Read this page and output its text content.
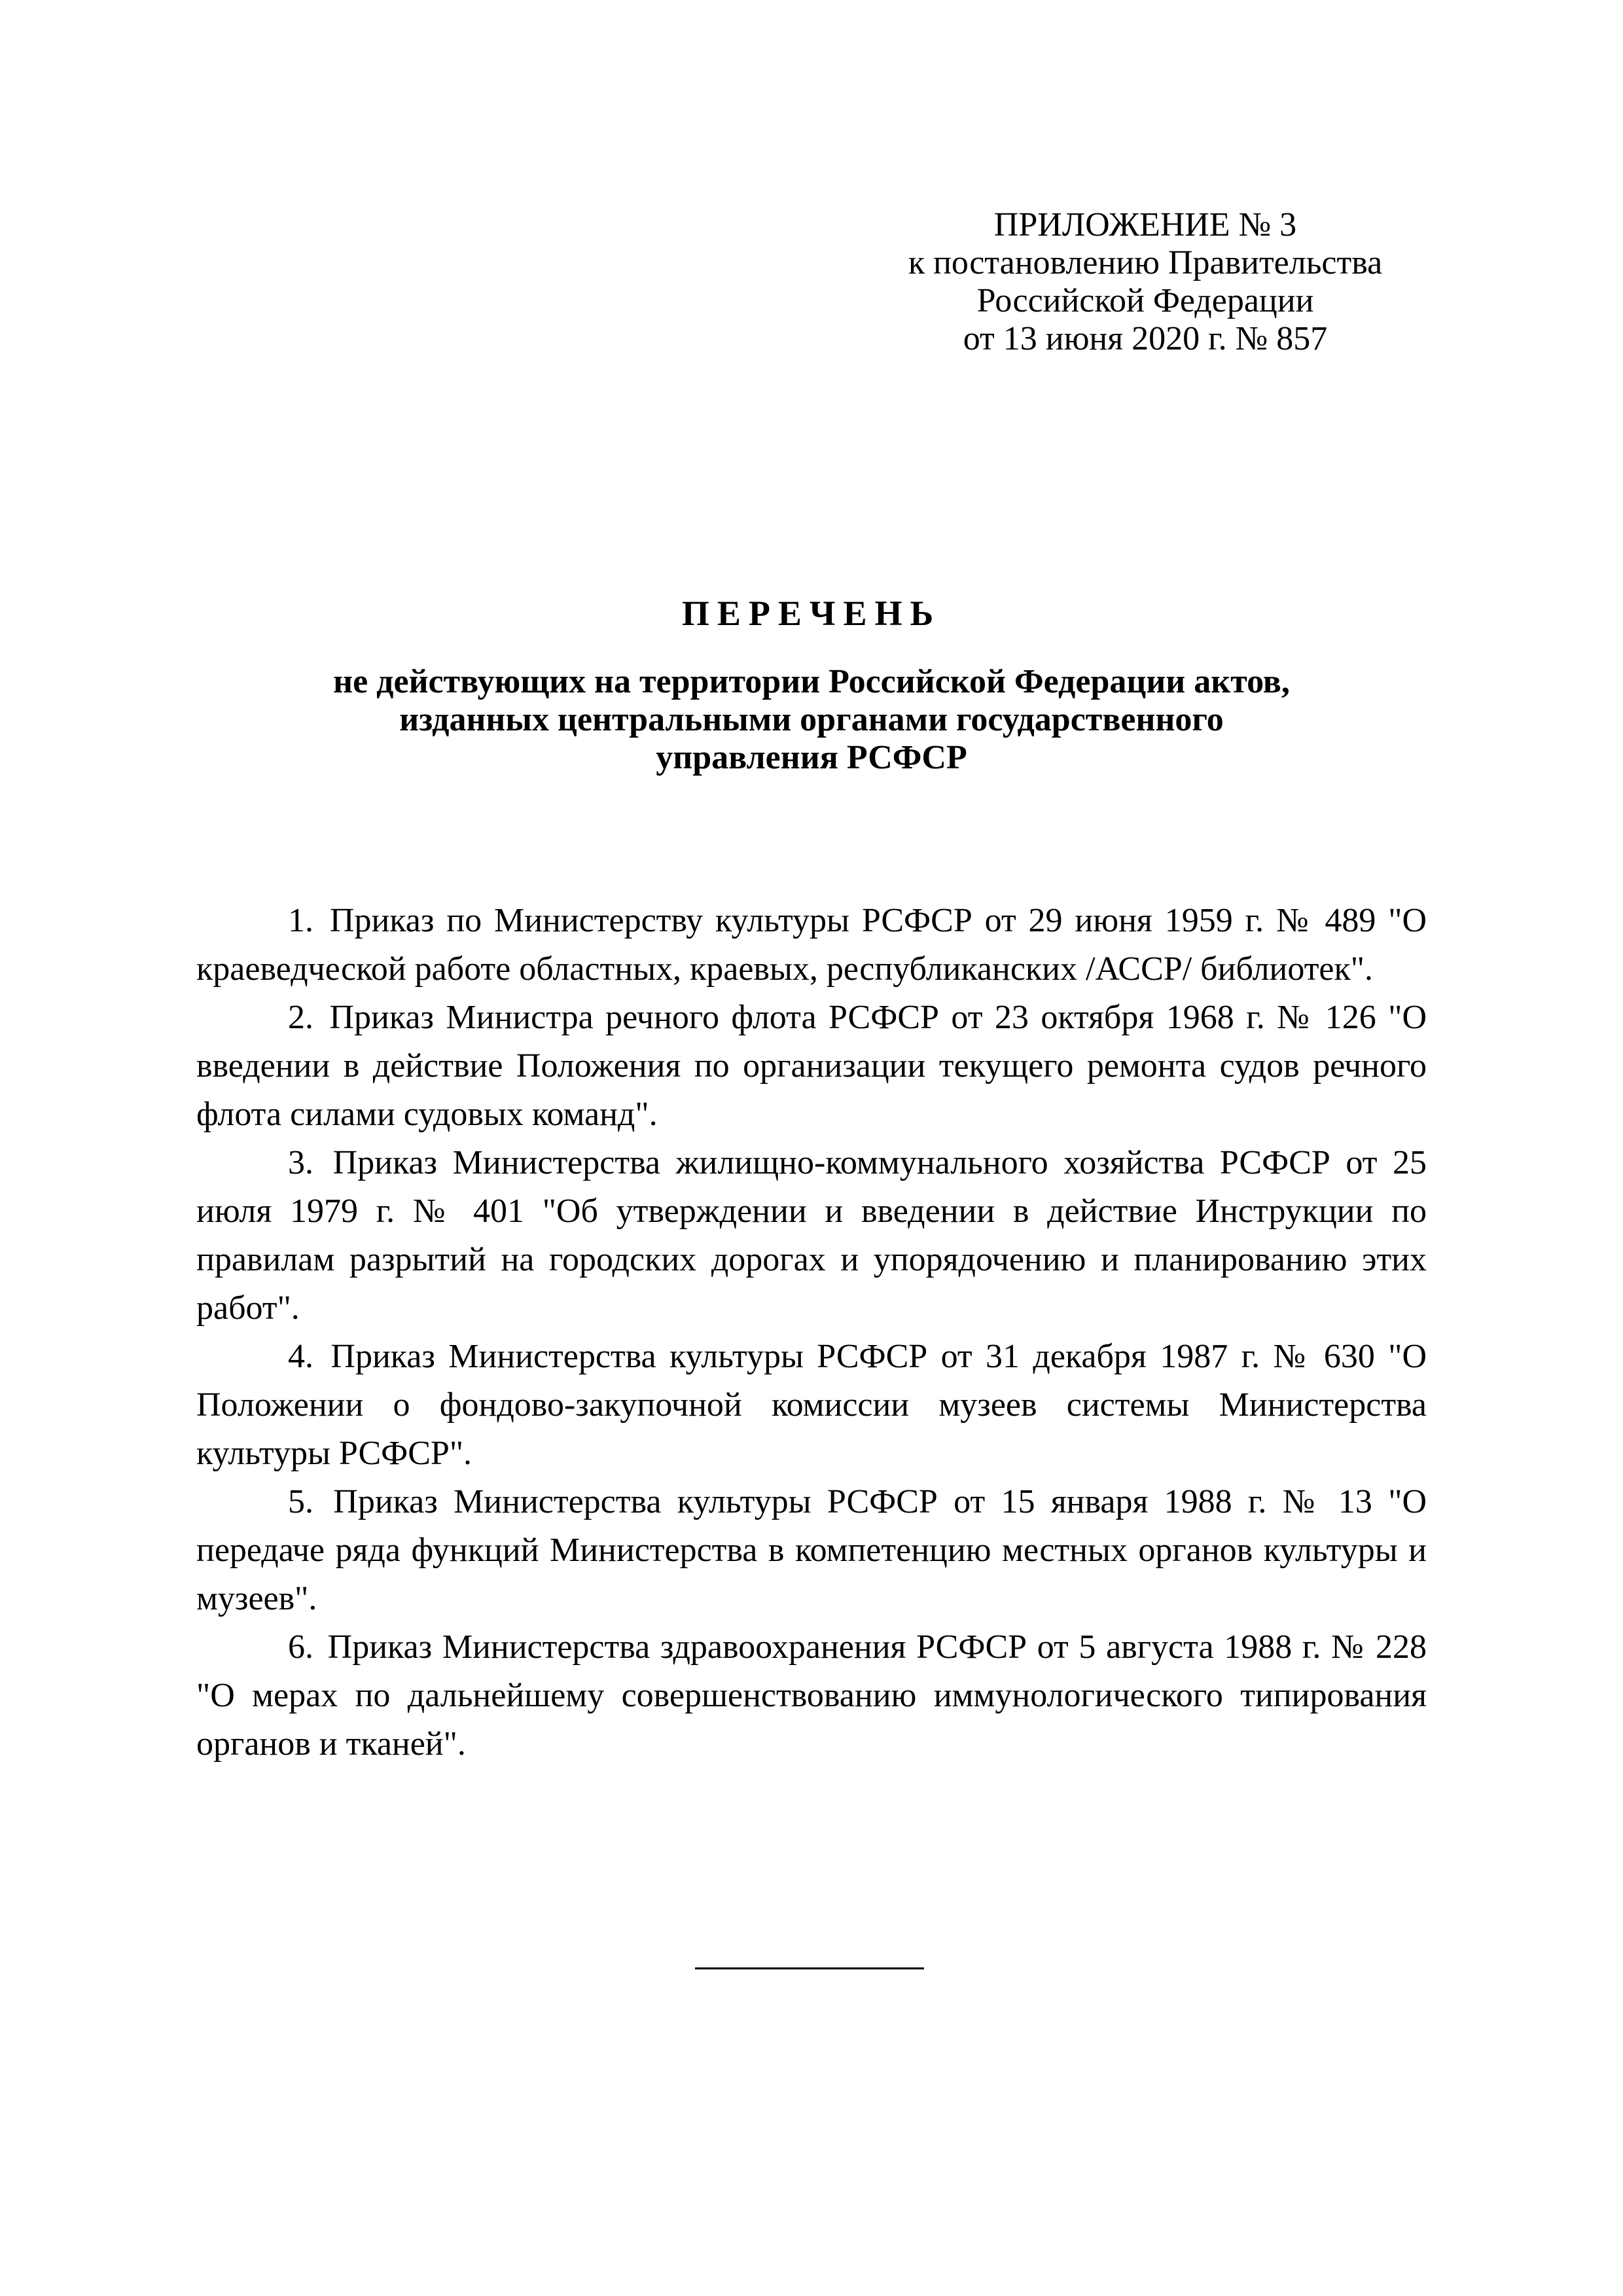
ПРИЛОЖЕНИЕ № 3
к постановлению Правительства
Российской Федерации
от 13 июня 2020 г. № 857
ПЕРЕЧЕНЬ
не действующих на территории Российской Федерации актов,
изданных центральными органами государственного
управления РСФСР

1. Приказ по Министерству культуры РСФСР от 29 июня 1959 г. № 489 "О краеведческой работе областных, краевых, республиканских /АССР/ библиотек".

2. Приказ Министра речного флота РСФСР от 23 октября 1968 г. № 126 "О введении в действие Положения по организации текущего ремонта судов речного флота силами судовых команд".

3. Приказ Министерства жилищно-коммунального хозяйства РСФСР от 25 июля 1979 г. № 401 "Об утверждении и введении в действие Инструкции по правилам разрытий на городских дорогах и упорядочению и планированию этих работ".

4. Приказ Министерства культуры РСФСР от 31 декабря 1987 г. № 630 "О Положении о фондово-закупочной комиссии музеев системы Министерства культуры РСФСР".

5. Приказ Министерства культуры РСФСР от 15 января 1988 г. № 13 "О передаче ряда функций Министерства в компетенцию местных органов культуры и музеев".

6. Приказ Министерства здравоохранения РСФСР от 5 августа 1988 г. № 228 "О мерах по дальнейшему совершенствованию иммунологического типирования органов и тканей".
